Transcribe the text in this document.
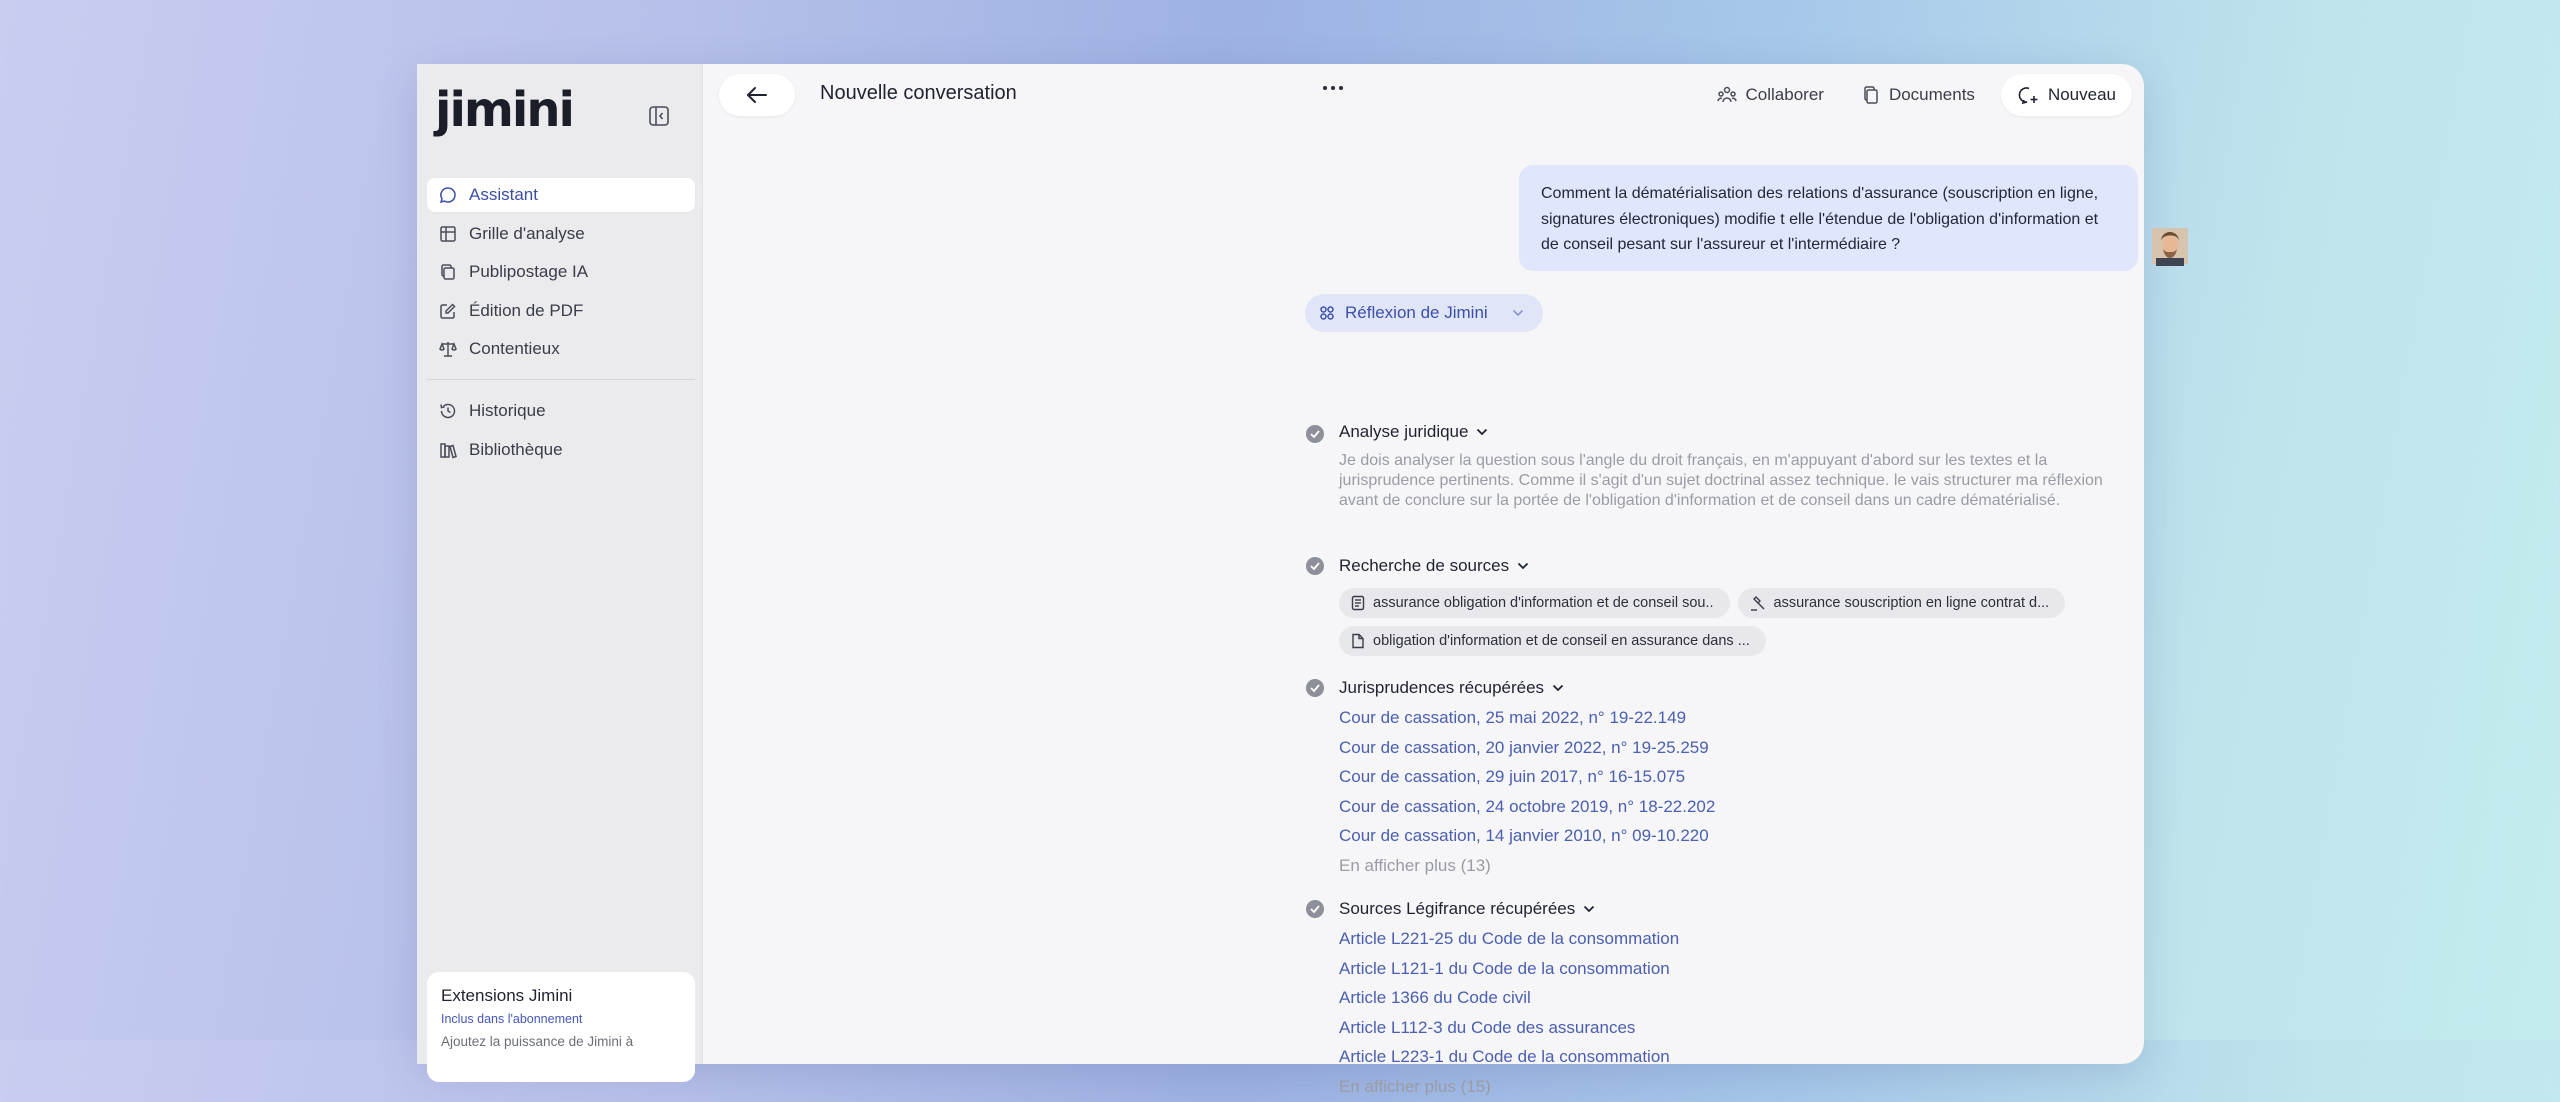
jimini
Assistant
Grille d'analyse
Publipostage IA
Édition de PDF
Contentieux
Historique
Bibliothèque
Extensions Jimini
Inclus dans l'abonnement
Ajoutez la puissance de Jimini à
Nouvelle conversation	Collaborer	Documents	Nouveau
Comment la dématérialisation des relations d'assurance (souscription en ligne, signatures électroniques) modifie t elle l'étendue de l'obligation d'information et de conseil pesant sur l'assureur et l'intermédiaire ?
Réflexion de Jimini
Analyse juridique
Je dois analyser la question sous l'angle du droit français, en m'appuyant d'abord sur les textes et la jurisprudence pertinents. Comme il s'agit d'un sujet doctrinal assez technique. le vais structurer ma réflexion avant de conclure sur la portée de l'obligation d'information et de conseil dans un cadre dématérialisé.
Recherche de sources
assurance obligation d'information et de conseil sou..	assurance souscription en ligne contrat d...
obligation d'information et de conseil en assurance dans ...
Jurisprudences récupérées
Cour de cassation, 25 mai 2022, n° 19-22.149
Cour de cassation, 20 janvier 2022, n° 19-25.259
Cour de cassation, 29 juin 2017, n° 16-15.075
Cour de cassation, 24 octobre 2019, n° 18-22.202
Cour de cassation, 14 janvier 2010, n° 09-10.220
En afficher plus (13)
Sources Légifrance récupérées
Article L221-25 du Code de la consommation
Article L121-1 du Code de la consommation
Article 1366 du Code civil
Article L112-3 du Code des assurances
Article L223-1 du Code de la consommation
En afficher plus (15)
